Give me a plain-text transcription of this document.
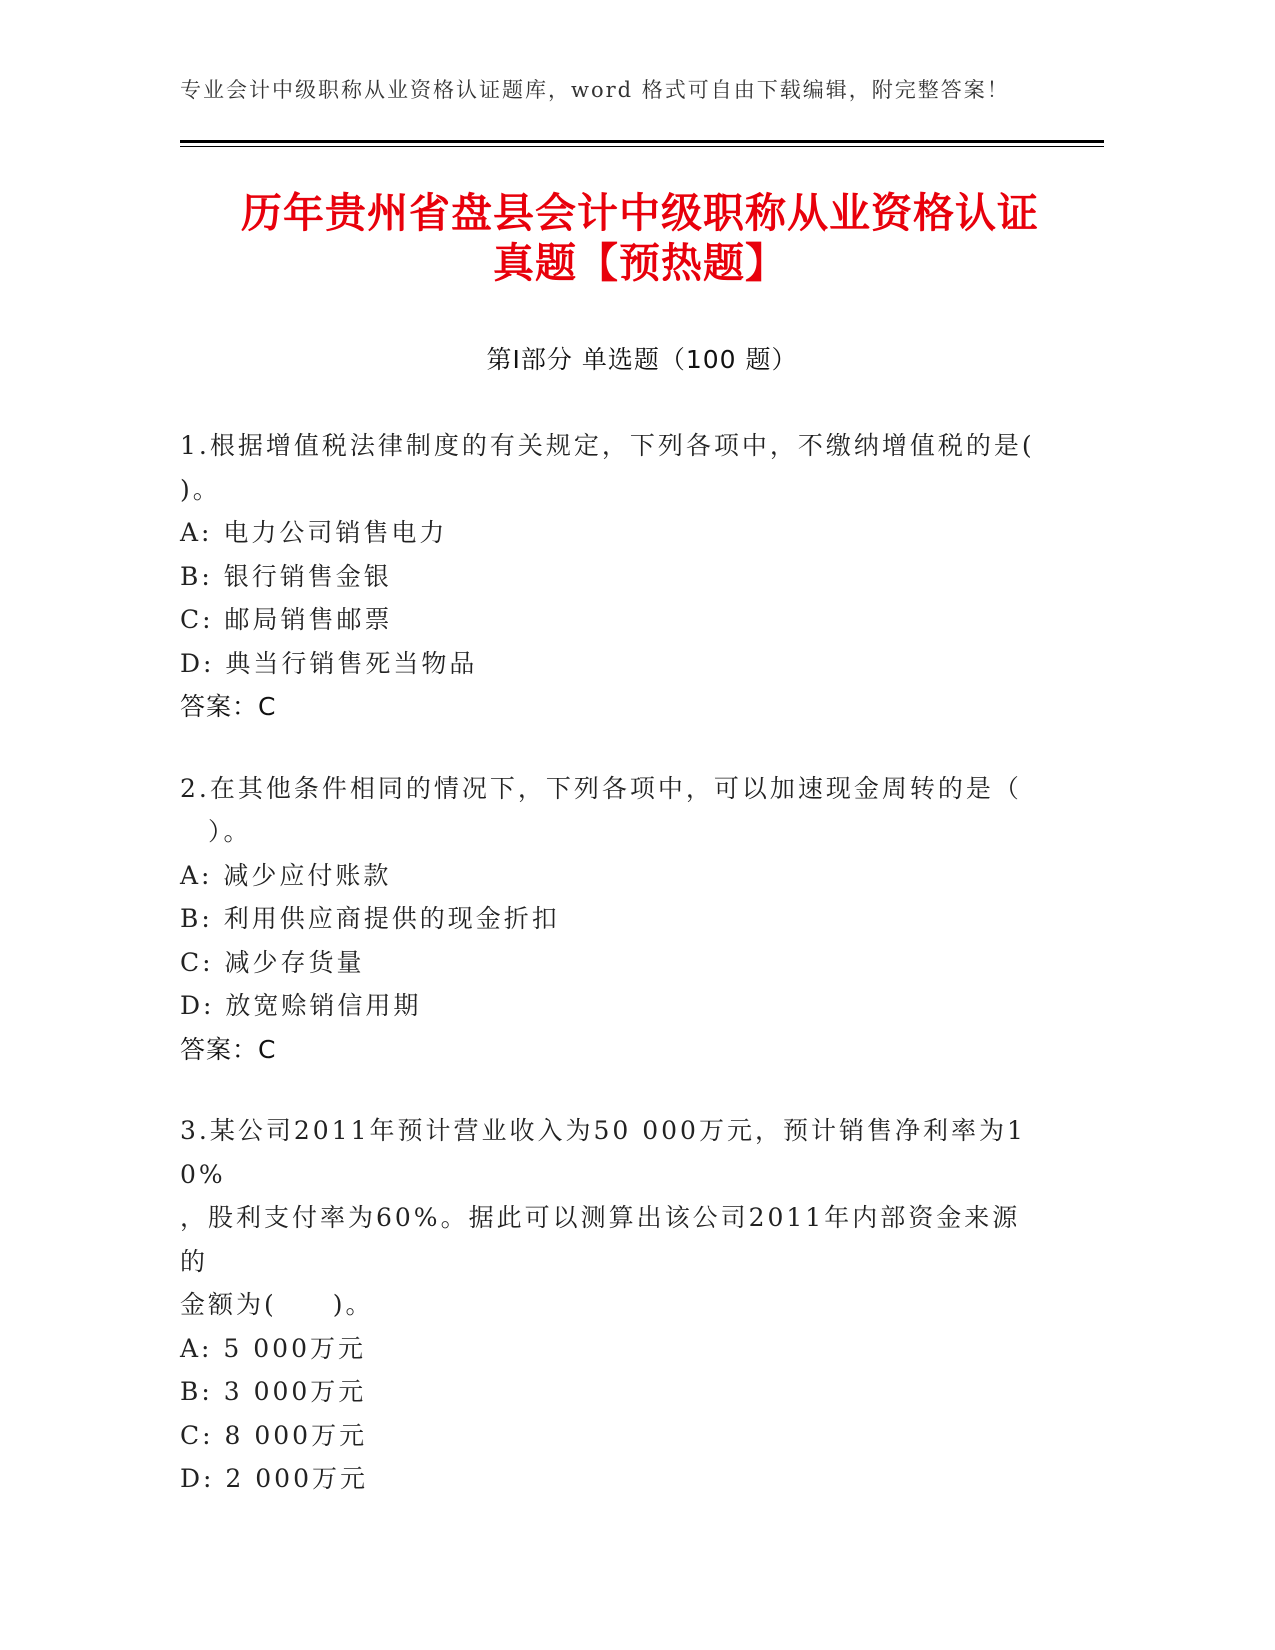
专业会计中级职称从业资格认证题库，word 格式可自由下载编辑，附完整答案！
历年贵州省盘县会计中级职称从业资格认证
真题【预热题】
第Ⅰ部分 单选题（100 题）
1.根据增值税法律制度的有关规定，下列各项中，不缴纳增值税的是(
)。
A: 电力公司销售电力
B: 银行销售金银
C: 邮局销售邮票
D: 典当行销售死当物品
答案：C
2.在其他条件相同的情况下，下列各项中，可以加速现金周转的是（
　）。
A: 减少应付账款
B: 利用供应商提供的现金折扣
C: 减少存货量
D: 放宽赊销信用期
答案：C
3.某公司2011年预计营业收入为50 000万元，预计销售净利率为10%
，股利支付率为60%。据此可以测算出该公司2011年内部资金来源的
金额为(　　)。
A: 5 000万元
B: 3 000万元
C: 8 000万元
D: 2 000万元
